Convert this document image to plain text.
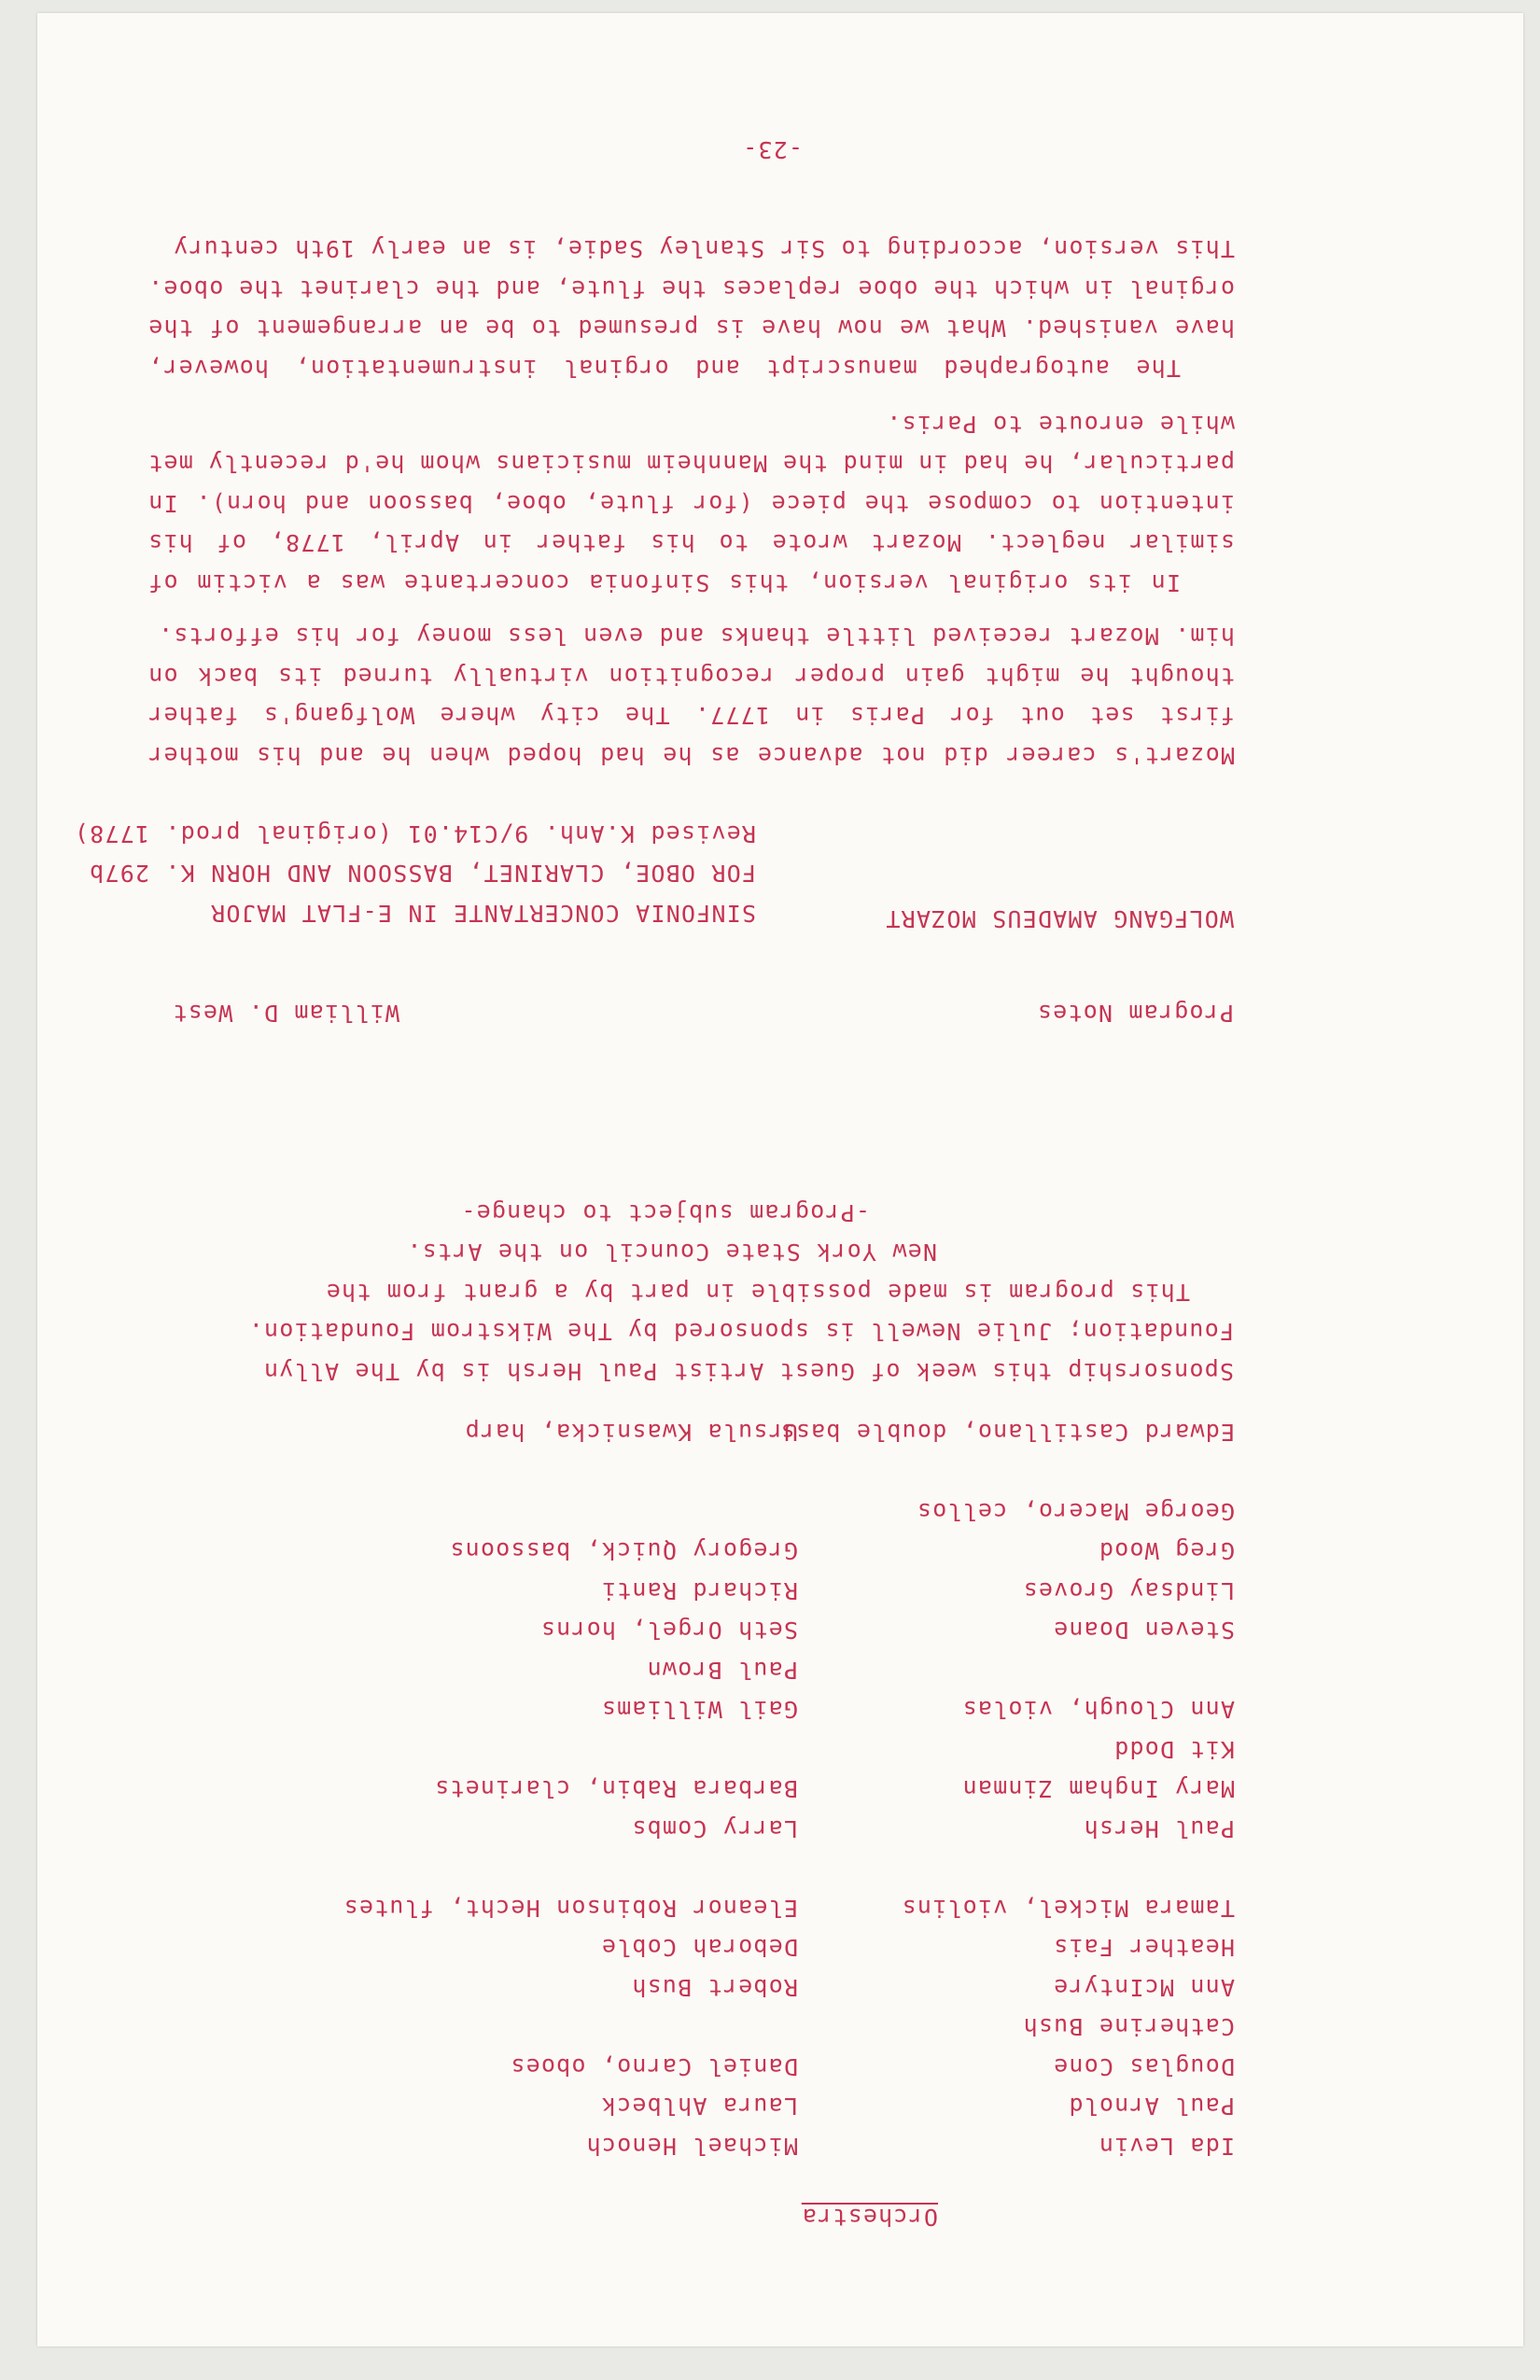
Orchestra
Ida Levin
Paul Arnold
Douglas Cone
Catherine Bush
Ann McIntyre
Heather Fais
Tamara Mickel, violins

Paul Hersh
Mary Ingham Zinman
Kit Dodd
Ann Clough, violas

Steven Doane
Lindsay Groves
Greg Wood
George Macero, cellos

Edward Castillano, double bass
Michael Henoch
Laura Ahlbeck
Daniel Carno, oboes

Robert Bush
Deborah Coble
Eleanor Robinson Hecht, flutes

Larry Combs
Barbara Rabin, clarinets

Gail Williams
Paul Brown
Seth Orgel, horns
Richard Ranti
Gregory Quick, bassoons

Ursula Kwasnicka, harp
Sponsorship this week of Guest Artist Paul Hersh is by The Allyn
Foundation; Julie Newell is sponsored by The Wikstrom Foundation.
This program is made possible in part by a grant from the
New York State Council on the Arts.
-Program subject to change-
Program Notes
William D. West
WOLFGANG AMADEUS MOZART
SINFONIA CONCERTANTE IN E-FLAT MAJOR
FOR OBOE, CLARINET, BASSOON AND HORN K. 297b
Revised K.Anh. 9/C14.01 (original prod. 1778)
Mozart's
career
did
not
advance
as
he
had
hoped
when
he
and
his
mother
first
set
out
for
Paris
in
1777.
The
city
where
Wolfgang's
father
thought
he
might
gain
proper
recognition
virtually
turned
its
back
on
him.

Mozart

received

little

thanks

and

even

less

money

for

his

efforts.

In
its
original
version,
this
Sinfonia
concertante
was
a
victim
of
similar
neglect.
Mozart
wrote
to
his
father
in
April,
1778,
of
his
intention
to
compose
the
piece
(for
flute,
oboe,
bassoon
and
horn).
In
particular,
he
had
in
mind
the
Mannheim
musicians
whom
he'd
recently
met
while

enroute

to

Paris.

The
autographed
manuscript
and
orginal
instrumentation,
however,
have
vanished.
What
we
now
have
is
presumed
to
be
an
arrangement
of
the
orginal
in
which
the
oboe
replaces
the
flute,
and
the
clarinet
the
oboe.
This

version,

according

to

Sir

Stanley

Sadie,

is

an

early

19th

century

-23-
